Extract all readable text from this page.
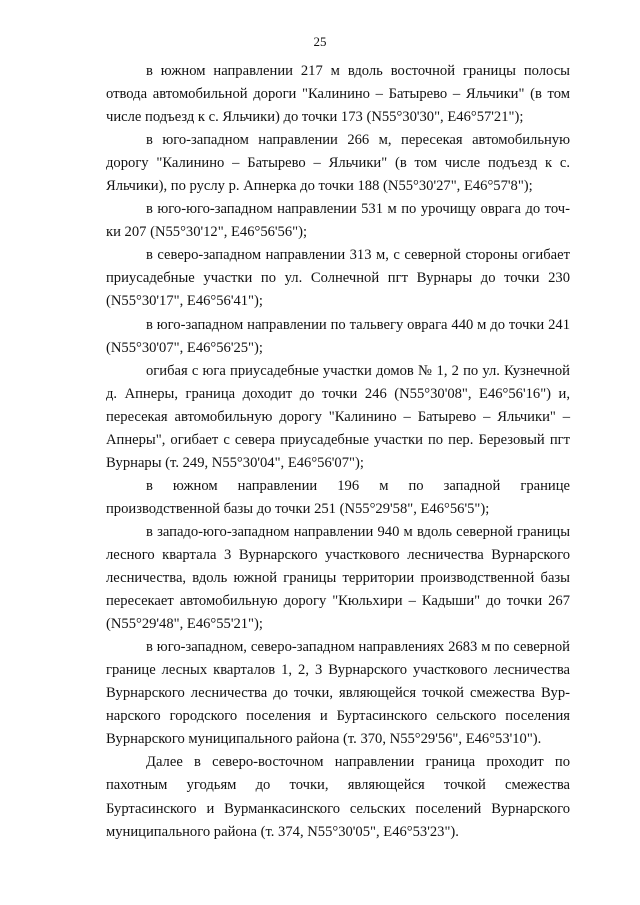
25

в южном направлении 217 м вдоль восточной границы полосы отвода автомобильной дороги "Калинино – Батырево – Яльчики" (в том числе подъезд к с. Яльчики) до точки 173 (N55°30'30", E46°57'21");

в юго-западном направлении 266 м, пересекая автомобильную дорогу "Калинино – Батырево – Яльчики" (в том числе подъезд к с. Яльчики), по руслу р. Апнерка до точки 188 (N55°30'27", E46°57'8");

в юго-юго-западном направлении 531 м по урочищу оврага до точки 207 (N55°30'12", E46°56'56");

в северо-западном направлении 313 м, с северной стороны огибает приусадебные участки по ул. Солнечной пгт Вурнары до точки 230 (N55°30'17", E46°56'41");

в юго-западном направлении по тальвегу оврага 440 м до точки 241 (N55°30'07", E46°56'25");

огибая с юга приусадебные участки домов № 1, 2 по ул. Кузнечной д. Апнеры, граница доходит до точки 246 (N55°30'08", E46°56'16") и, пересекая автомобильную дорогу "Калинино – Батырево – Яльчики" – Апнеры", огибает с севера приусадебные участки по пер. Березовый пгт Вурнары (т. 249, N55°30'04", E46°56'07");

в южном направлении 196 м по западной границе производственной базы до точки 251 (N55°29'58", E46°56'5");

в западо-юго-западном направлении 940 м вдоль северной границы лесного квартала 3 Вурнарского участкового лесничества Вурнарского лесничества, вдоль южной границы территории производственной базы пересекает автомобильную дорогу "Кюльхири – Кадыши" до точки 267 (N55°29'48", E46°55'21");

в юго-западном, северо-западном направлениях 2683 м по северной границе лесных кварталов 1, 2, 3 Вурнарского участкового лесничества Вурнарского лесничества до точки, являющейся точкой смежества Вурнарского городского поселения и Буртасинского сельского поселения Вурнарского муниципального района (т. 370, N55°29'56", E46°53'10").

Далее в северо-восточном направлении граница проходит по пахотным угодьям до точки, являющейся точкой смежества Буртасинского и Вурманкасинского сельских поселений Вурнарского муниципального района (т. 374, N55°30'05", E46°53'23").
